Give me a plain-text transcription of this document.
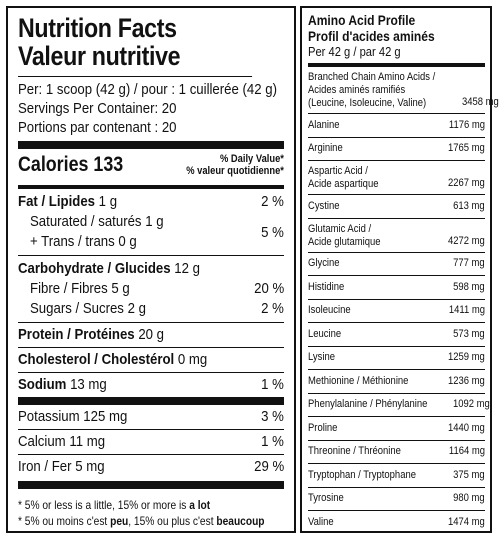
Nutrition Facts
Valeur nutritive
Per: 1 scoop (42 g) / pour : 1 cuillerée (42 g)
Servings Per Container: 20
Portions par contenant : 20
Calories 133	% Daily Value*
% valeur quotidienne*
Fat / Lipides 1 g	2 %
Saturated / saturés 1 g
+ Trans / trans 0 g
5 %
Carbohydrate / Glucides 12 g
Fibre / Fibres 5 g	20 %
Sugars / Sucres 2 g	2 %
Protein / Protéines 20 g
Cholesterol / Cholestérol 0 mg
Sodium 13 mg	1 %
Potassium 125 mg	3 %
Calcium 11 mg	1 %
Iron / Fer 5 mg	29 %
* 5% or less is a little, 15% or more is a lot
* 5% ou moins c'est peu, 15% ou plus c'est beaucoup
Amino Acid Profile
Profil d'acides aminés
Per 42 g / par 42 g
Branched Chain Amino Acids /
Acides aminés ramifiés
(Leucine, Isoleucine, Valine)	3458 mg
Alanine	1176 mg
Arginine	1765 mg
Aspartic Acid /
Acide aspartique	2267 mg
Cystine	613 mg
Glutamic Acid /
Acide glutamique	4272 mg
Glycine	777 mg
Histidine	598 mg
Isoleucine	1411 mg
Leucine	573 mg
Lysine	1259 mg
Methionine / Méthionine	1236 mg
Phenylalanine / Phénylanine 1092 mg
Proline	1440 mg
Threonine / Thréonine	1164 mg
Tryptophan / Tryptophane	375 mg
Tyrosine	980 mg
Valine	1474 mg
